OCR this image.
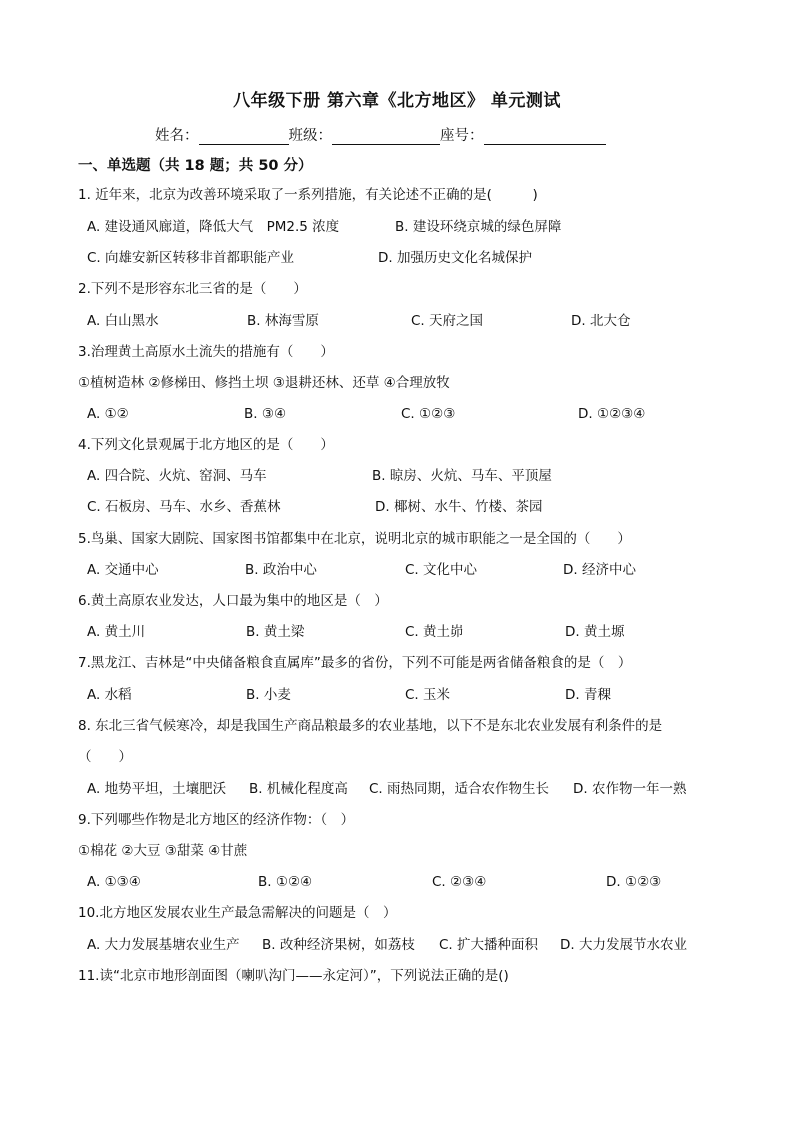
八年级下册 第六章《北方地区》 单元测试
姓名：	班级：	座号：
一、单选题（共 18 题；共 50 分）
1. 近年来，北京为改善环境采取了一系列措施，有关论述不正确的是(　　　)
A. 建设通风廊道，降低大气　PM2.5 浓度	B. 建设环绕京城的绿色屏障
C. 向雄安新区转移非首都职能产业	D. 加强历史文化名城保护
2.下列不是形容东北三省的是（　　）
A. 白山黑水	B. 林海雪原	C. 天府之国	D. 北大仓
3.治理黄土高原水土流失的措施有（　　）
①植树造林 ②修梯田、修挡土坝 ③退耕还林、还草 ④合理放牧
A. ①②	B. ③④	C. ①②③	D. ①②③④
4.下列文化景观属于北方地区的是（　　）
A. 四合院、火炕、窑洞、马车	B. 晾房、火炕、马车、平顶屋
C. 石板房、马车、水乡、香蕉林	D. 椰树、水牛、竹楼、茶园
5.鸟巢、国家大剧院、国家图书馆都集中在北京，说明北京的城市职能之一是全国的（　　）
A. 交通中心	B. 政治中心	C. 文化中心	D. 经济中心
6.黄土高原农业发达，人口最为集中的地区是（　）
A. 黄土川	B. 黄土梁	C. 黄土峁	D. 黄土塬
7.黑龙江、吉林是“中央储备粮食直属库”最多的省份，下列不可能是两省储备粮食的是（　）
A. 水稻	B. 小麦	C. 玉米	D. 青稞
8. 东北三省气候寒冷，却是我国生产商品粮最多的农业基地，以下不是东北农业发展有利条件的是
（　　）
A. 地势平坦，土壤肥沃 B. 机械化程度高 C. 雨热同期，适合农作物生长 D. 农作物一年一熟
9.下列哪些作物是北方地区的经济作物：（　）
①棉花 ②大豆 ③甜菜 ④甘蔗
A. ①③④	B. ①②④	C. ②③④	D. ①②③
10.北方地区发展农业生产最急需解决的问题是（　）
A. 大力发展基塘农业生产 B. 改种经济果树，如荔枝 C. 扩大播种面积 D. 大力发展节水农业
11.读“北京市地形剖面图（喇叭沟门——永定河）”，下列说法正确的是()
